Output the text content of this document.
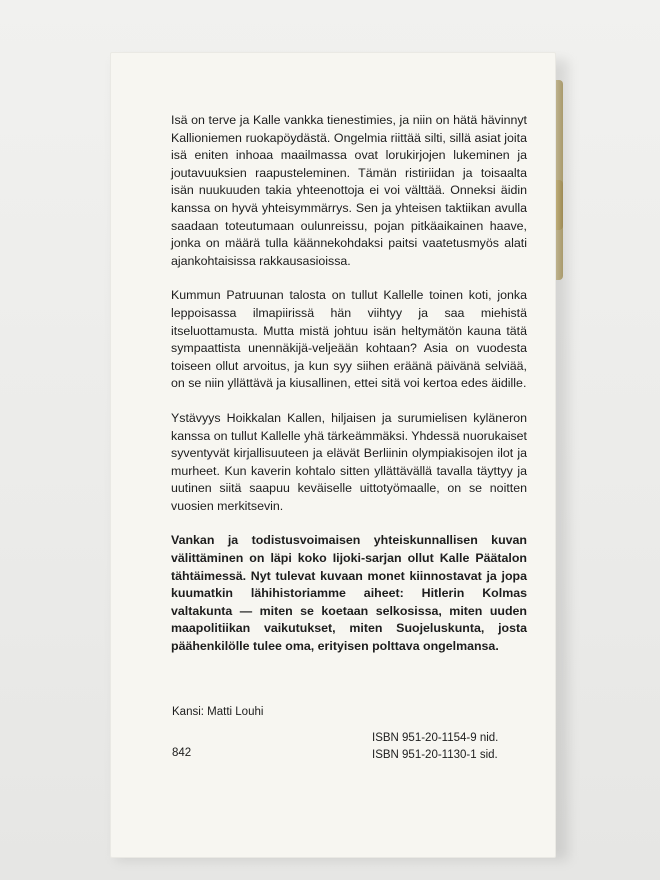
Isä on terve ja Kalle vankka tienestimies, ja niin on hätä hävinnyt Kallioniemen ruokapöydästä. Ongelmia riittää silti, sillä asiat joita isä eniten inhoaa maailmassa ovat lorukirjojen lukeminen ja joutavuuksien raapusteleminen. Tämän ristiriidan ja toisaalta isän nuukuuden takia yhteenottoja ei voi välttää. Onneksi äidin kanssa on hyvä yhteisymmärrys. Sen ja yhteisen taktiikan avulla saadaan toteutumaan oulunreissu, pojan pitkäaikainen haave, jonka on määrä tulla käännekohdaksi paitsi vaatetusmyös alati ajankohtaisissa rakkausasioissa.

Kummun Patruunan talosta on tullut Kallelle toinen koti, jonka leppoisassa ilmapiirissä hän viihtyy ja saa miehistä itseluottamusta. Mutta mistä johtuu isän heltymätön kauna tätä sympaattista unennäkijä-veljeään kohtaan? Asia on vuodesta toiseen ollut arvoitus, ja kun syy siihen eräänä päivänä selviää, on se niin yllättävä ja kiusallinen, ettei sitä voi kertoa edes äidille.

Ystävyys Hoikkalan Kallen, hiljaisen ja surumielisen kyläneron kanssa on tullut Kallelle yhä tärkeämmäksi. Yhdessä nuorukaiset syventyvät kirjallisuuteen ja elävät Berliinin olympiakisojen ilot ja murheet. Kun kaverin kohtalo sitten yllättävällä tavalla täyttyy ja uutinen siitä saapuu keväiselle uittotyömaalle, on se noitten vuosien merkitsevin.

Vankan ja todistusvoimaisen yhteiskunnallisen kuvan välittäminen on läpi koko Iijoki-sarjan ollut Kalle Päätalon tähtäimessä. Nyt tulevat kuvaan monet kiinnostavat ja jopa kuumatkin lähihistoriamme aiheet: Hitlerin Kolmas valtakunta — miten se koetaan selkosissa, miten uuden maapolitiikan vaikutukset, miten Suojeluskunta, josta päähenkilölle tulee oma, erityisen polttava ongelmansa.

Kansi: Matti Louhi
ISBN 951-20-1154-9 nid.
ISBN 951-20-1130-1 sid.
842
